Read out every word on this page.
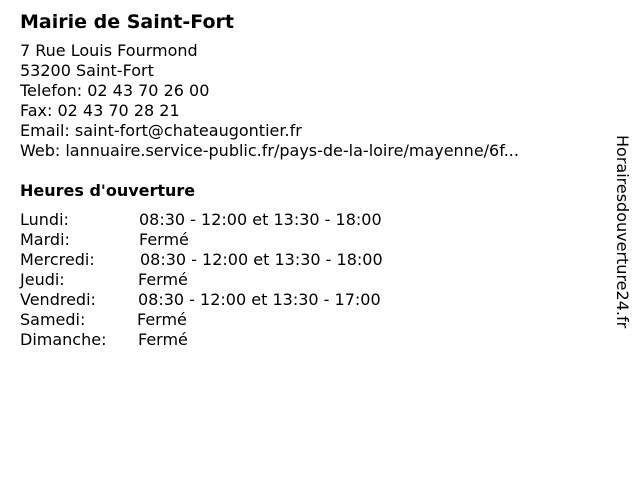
Mairie de Saint-Fort
7 Rue Louis Fourmond
53200 Saint-Fort
Telefon: 02 43 70 26 00
Fax: 02 43 70 28 21
Email: saint-fort@chateaugontier.fr
Web: lannuaire.service-public.fr/pays-de-la-loire/mayenne/6f...
Heures d'ouverture
Lundi:	08:30 - 12:00 et 13:30 - 18:00
Mardi:	Fermé
Mercredi:	08:30 - 12:00 et 13:30 - 18:00
Jeudi:	Fermé
Vendredi:	08:30 - 12:00 et 13:30 - 17:00
Samedi:	Fermé
Dimanche: Fermé
Horairesdouverture24.fr
